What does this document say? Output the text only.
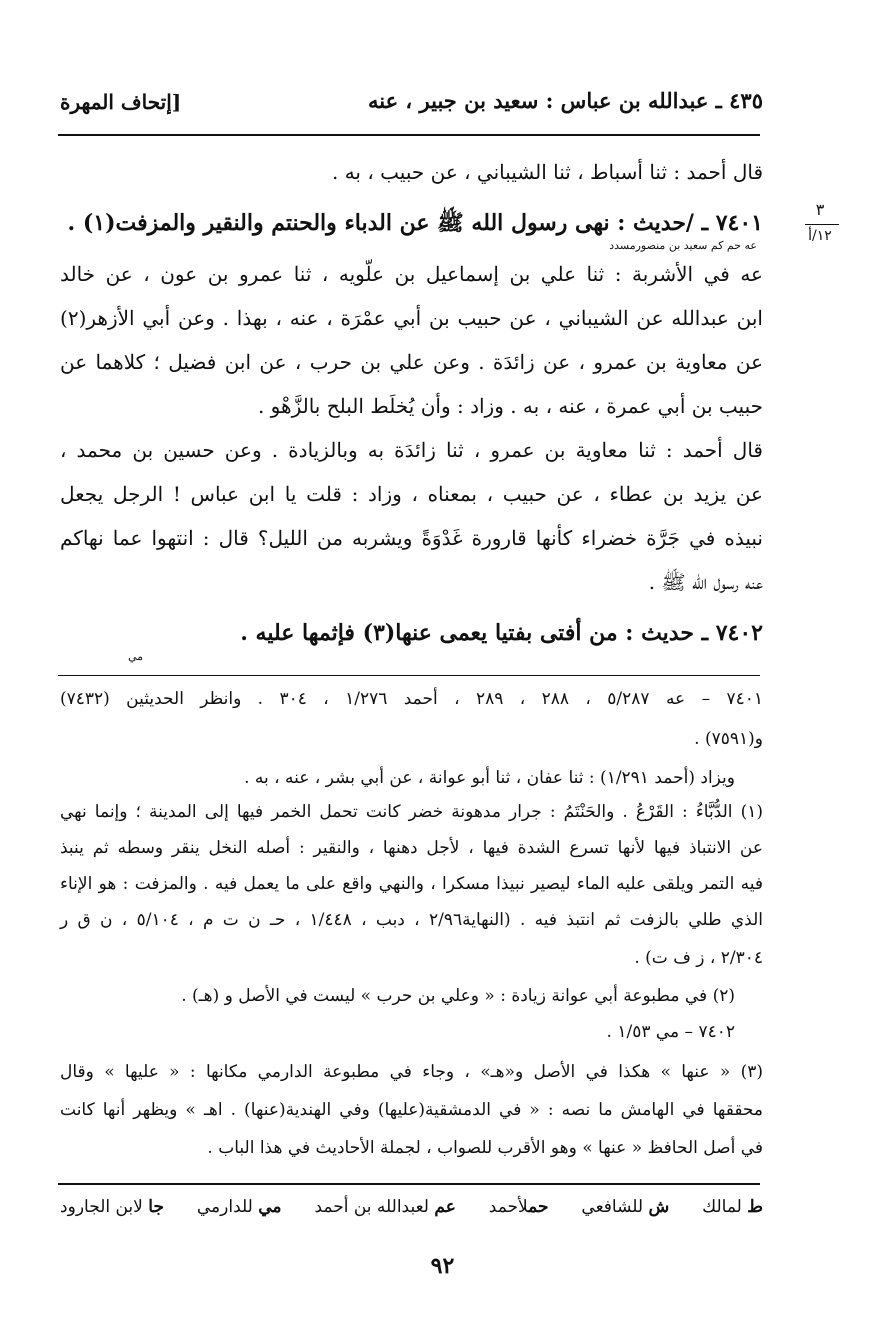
٤٣٥ ـ عبدالله بن عباس : سعيد بن جبير ، عنه
[إتحاف المهرة
٣
١٢/أ
قال أحمد : ثنا أسباط ، ثنا الشيباني ، عن حبيب ، به .
٧٤٠١ ـ /حديث : نهى رسول الله ﷺ عن الدباء والحنتم والنقير والمزفت(١) .
عه حم كم سعيد بن منصورمسدد
عه في الأشربة : ثنا علي بن إسماعيل بن علّويه ، ثنا عمرو بن عون ، عن خالد
ابن عبدالله عن الشيباني ، عن حبيب بن أبي عمْرَة ، عنه ، بهذا . وعن أبي الأزهر(٢)
عن معاوية بن عمرو ، عن زائدَة . وعن علي بن حرب ، عن ابن فضيل ؛ كلاهما عن
حبيب بن أبي عمرة ، عنه ، به . وزاد : وأن يُخلَط البلح بالزَّهْو .
قال أحمد : ثنا معاوية بن عمرو ، ثنا زائدَة به وبالزيادة . وعن حسين بن محمد ،
عن يزيد بن عطاء ، عن حبيب ، بمعناه ، وزاد : قلت يا ابن عباس ! الرجل يجعل
نبيذه في جَرَّة خضراء كأنها قارورة غَدْوَةً ويشربه من الليل؟ قال : انتهوا عما نهاكم
عنه رسول الله ﷺ .
٧٤٠٢ ـ حديث : من أفتى بفتيا يعمى عنها(٣) فإثمها عليه .
مي
٧٤٠١ – عه ٥/٢٨٧ ، ٢٨٨ ، ٢٨٩ ، أحمد ١/٢٧٦ ، ٣٠٤ . وانظر الحديثين (٧٤٣٢)
و(٧٥٩١) .
ويزاد (أحمد ١/٢٩١) : ثنا عفان ، ثنا أبو عوانة ، عن أبي بشر ، عنه ، به .
(١) الدُّبَّاءُ : القَرْعُ . والحَنْتَمُ : جرار مدهونة خضر كانت تحمل الخمر فيها إلى المدينة ؛ وإنما نهي
عن الانتباذ فيها لأنها تسرع الشدة فيها ، لأجل دهنها ، والنقير : أصله النخل ينقر وسطه ثم ينبذ
فيه التمر ويلقى عليه الماء ليصير نبيذا مسكرا ، والنهي واقع على ما يعمل فيه . والمزفت : هو الإناء
الذي طلي بالزفت ثم انتبذ فيه . (النهاية٢/٩٦ ، دبب ، ١/٤٤٨ ، حـ ن ت م ، ٥/١٠٤ ، ن ق ر
٢/٣٠٤ ، ز ف ت) .
(٢) في مطبوعة أبي عوانة زيادة : « وعلي بن حرب » ليست في الأصل و (هـ) .
٧٤٠٢ – مي ١/٥٣ .
(٣) « عنها » هكذا في الأصل و«هـ» ، وجاء في مطبوعة الدارمي مكانها : « عليها » وقال
محققها في الهامش ما نصه : « في الدمشقية(عليها) وفي الهندية(عنها) . اهـ » ويظهر أنها كانت
في أصل الحافظ « عنها » وهو الأقرب للصواب ، لجملة الأحاديث في هذا الباب .
ط لمالك
ش للشافعي
حملأحمد
عم لعبدالله بن أحمد
مي للدارمي
جا لابن الجارود
٩٢
